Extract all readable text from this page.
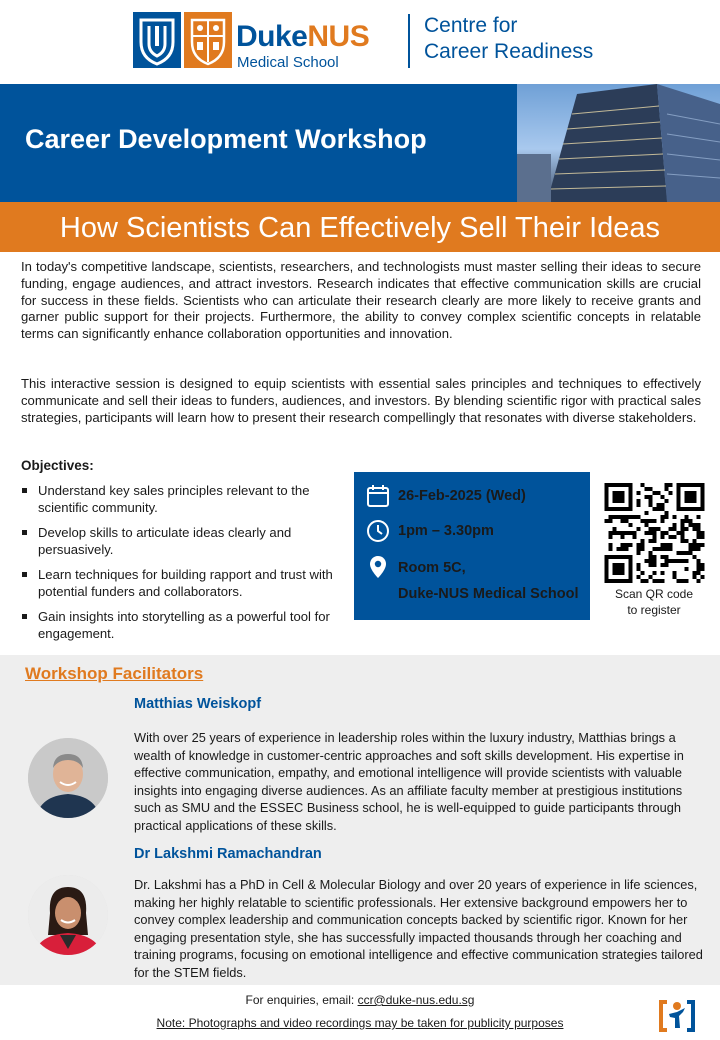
DukeNUS
Medical School
Centre for
Career Readiness
Career Development Workshop
How Scientists Can Effectively Sell Their Ideas

In today's competitive landscape, scientists, researchers, and technologists must master selling their ideas to secure funding, engage audiences, and attract investors. Research indicates that effective communication skills are crucial for success in these fields. Scientists who can articulate their research clearly are more likely to receive grants and garner public support for their projects. Furthermore, the ability to convey complex scientific concepts in relatable terms can significantly enhance collaboration opportunities and innovation.

This interactive session is designed to equip scientists with essential sales principles and techniques to effectively communicate and sell their ideas to funders, audiences, and investors. By blending scientific rigor with practical sales strategies, participants will learn how to present their research compellingly that resonates with diverse stakeholders.

Objectives:
Understand key sales principles relevant to the scientific community.
Develop skills to articulate ideas clearly and persuasively.
Learn techniques for building rapport and trust with potential funders and collaborators.
Gain insights into storytelling as a powerful tool for engagement.
26-Feb-2025 (Wed)
1pm – 3.30pm
Room 5C,
Duke-NUS Medical School	Scan QR code
to register
Workshop Facilitators
Matthias Weiskopf

With over 25 years of experience in leadership roles within the luxury industry, Matthias brings a wealth of knowledge in customer-centric approaches and soft skills development. His expertise in effective communication, empathy, and emotional intelligence will provide scientists with valuable insights into engaging diverse audiences. As an affiliate faculty member at prestigious institutions such as SMU and the ESSEC Business school, he is well-equipped to guide participants through practical applications of these skills.

Dr Lakshmi Ramachandran

Dr. Lakshmi has a PhD in Cell & Molecular Biology and over 20 years of experience in life sciences, making her highly relatable to scientific professionals. Her extensive background empowers her to convey complex leadership and communication concepts backed by scientific rigor. Known for her engaging presentation style, she has successfully impacted thousands through her coaching and training programs, focusing on emotional intelligence and effective communication strategies tailored for the STEM fields.

For enquiries, email: ccr@duke-nus.edu.sg
Note: Photographs and video recordings may be taken for publicity purposes
